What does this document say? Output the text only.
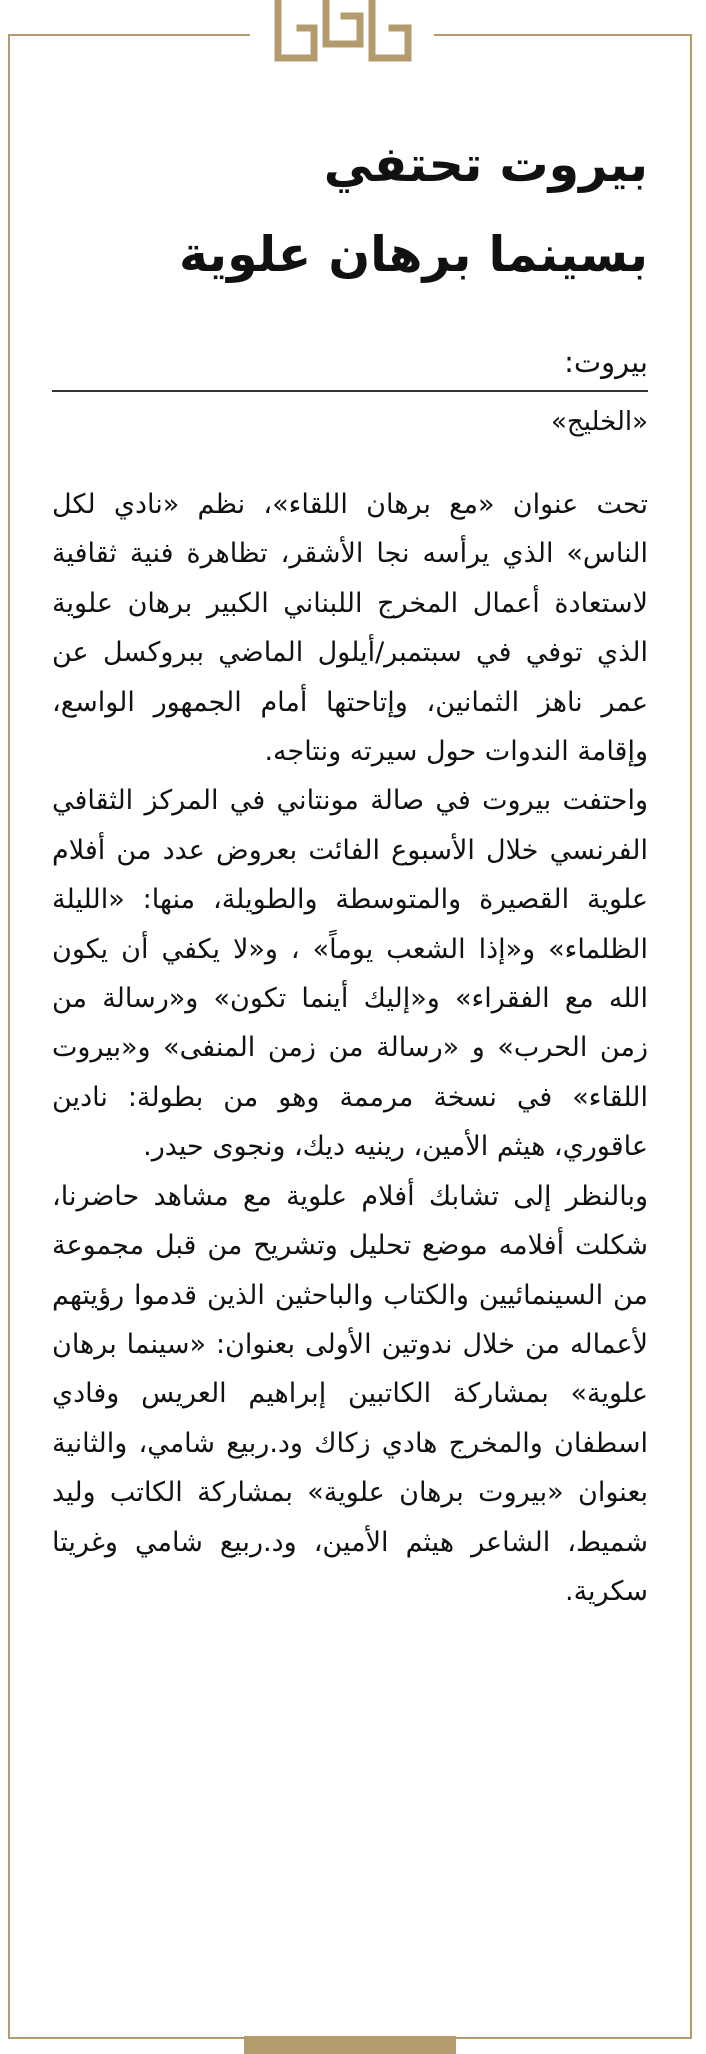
بيروت تحتفي
بسينما برهان علوية
بيروت:
«الخليج»

تحت عنوان «مع برهان اللقاء»، نظم «نادي لكل الناس» الذي يرأسه نجا الأشقر، تظاهرة فنية ثقافية لاستعادة أعمال المخرج اللبناني الكبير برهان علوية الذي توفي في سبتمبر/أيلول الماضي ببروكسل عن عمر ناهز الثمانين، وإتاحتها أمام الجمهور الواسع، وإقامة الندوات حول سيرته ونتاجه.

واحتفت بيروت في صالة مونتاني في المركز الثقافي الفرنسي خلال الأسبوع الفائت بعروض عدد من أفلام علوية القصيرة والمتوسطة والطويلة، منها: «الليلة الظلماء» و«إذا الشعب يوماً» ، و«لا يكفي أن يكون الله مع الفقراء» و«إليك أينما تكون» و«رسالة من زمن الحرب» و «رسالة من زمن المنفى» و«بيروت اللقاء» في نسخة مرممة وهو من بطولة: نادين عاقوري، هيثم الأمين، رينيه ديك، ونجوى حيدر.

وبالنظر إلى تشابك أفلام علوية مع مشاهد حاضرنا، شكلت أفلامه موضع تحليل وتشريح من قبل مجموعة من السينمائيين والكتاب والباحثين الذين قدموا رؤيتهم لأعماله من خلال ندوتين الأولى بعنوان: «سينما برهان علوية» بمشاركة الكاتبين إبراهيم العريس وفادي اسطفان والمخرج هادي زكاك ود.ربيع شامي، والثانية بعنوان «بيروت برهان علوية» بمشاركة الكاتب وليد شميط، الشاعر هيثم الأمين، ود.ربيع شامي وغريتا سكرية.
